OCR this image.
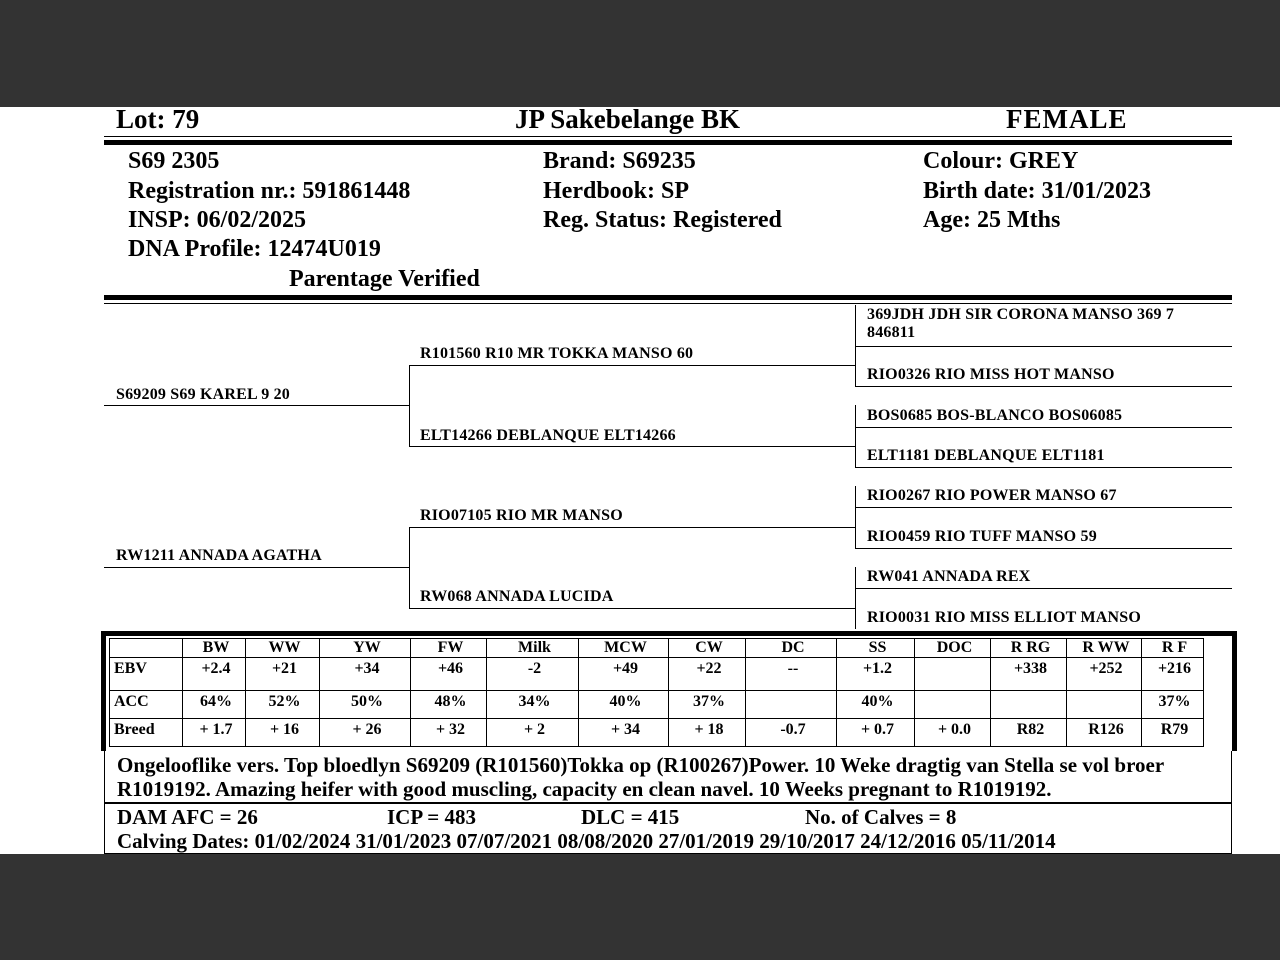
Lot: 79	JP Sakebelange BK	FEMALE
S69 2305
Registration nr.: 591861448
INSP: 06/02/2025
DNA Profile: 12474U019
Parentage Verified
Brand: S69235
Herdbook: SP
Reg. Status: Registered
Colour: GREY
Birth date: 31/01/2023
Age: 25 Mths
S69209 S69 KAREL 9 20
RW1211 ANNADA AGATHA
R101560 R10 MR TOKKA MANSO 60
ELT14266 DEBLANQUE ELT14266
RIO07105 RIO MR MANSO
RW068 ANNADA LUCIDA
369JDH JDH SIR CORONA MANSO 369 7
846811
RIO0326 RIO MISS HOT MANSO
BOS0685 BOS-BLANCO BOS06085
ELT1181 DEBLANQUE ELT1181
RIO0267 RIO POWER MANSO 67
RIO0459 RIO TUFF MANSO 59
RW041 ANNADA REX
RIO0031 RIO MISS ELLIOT MANSO
	BW	WW	YW	FW	Milk	MCW	CW	DC	SS	DOC	R RG	R WW	R F
EBV	+2.4	+21	+34	+46	-2	+49	+22	--	+1.2		+338	+252	+216
ACC	64%	52%	50%	48%	34%	40%	37%		40%				37%
Breed	+ 1.7	+ 16	+ 26	+ 32	+ 2	+ 34	+ 18	-0.7	+ 0.7	+ 0.0	R82	R126	R79
Ongelooflike vers. Top bloedlyn S69209 (R101560)Tokka op (R100267)Power. 10 Weke dragtig van Stella se vol broer
R1019192. Amazing heifer with good muscling, capacity en clean navel. 10 Weeks pregnant to R1019192.
DAM AFC = 26	ICP = 483	DLC = 415	No. of Calves = 8
Calving Dates: 01/02/2024 31/01/2023 07/07/2021 08/08/2020 27/01/2019 29/10/2017 24/12/2016 05/11/2014
